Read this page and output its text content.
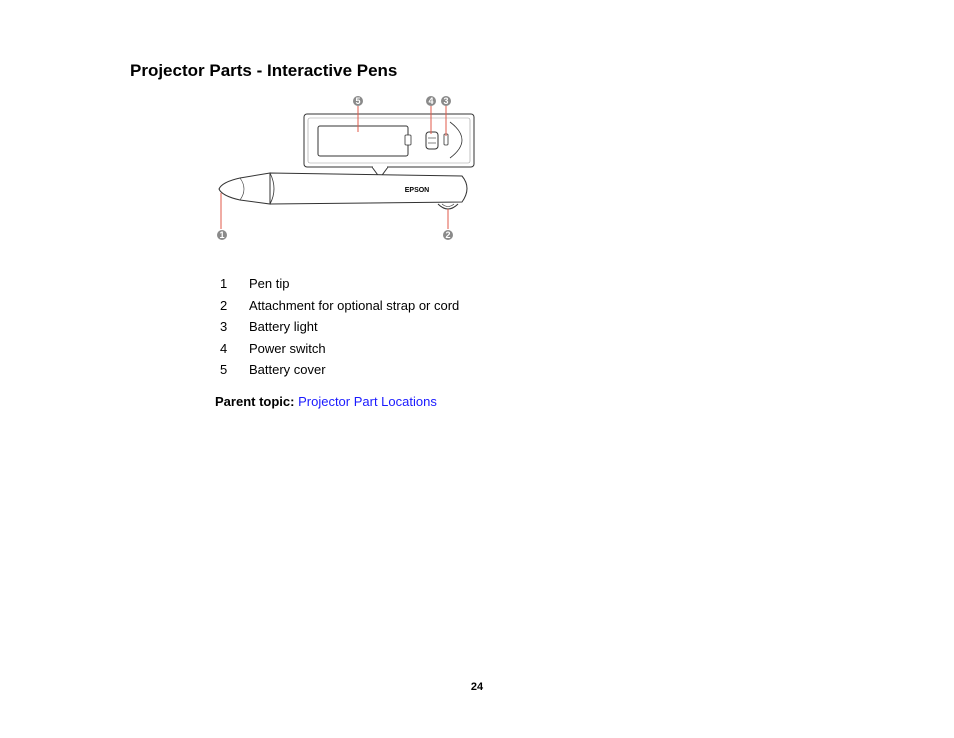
Projector Parts - Interactive Pens
EPSON
5	4 3
1	2
1	Pen tip
2	Attachment for optional strap or cord
3	Battery light
4	Power switch
5	Battery cover
Parent topic: Projector Part Locations
24
